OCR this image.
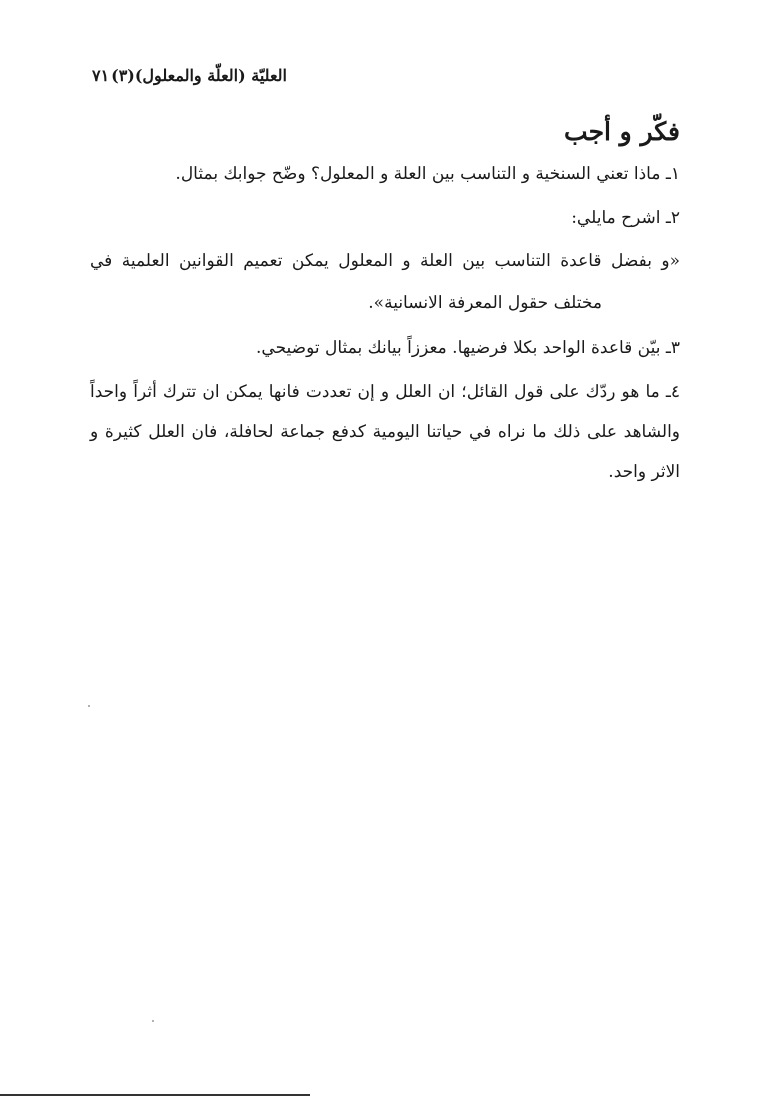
العليّة (العلّة والمعلول)(٣)
٧١
فكّر و أجب
١ـ ماذا تعني السنخية و التناسب بين العلة و المعلول؟ وضّح جوابك بمثال.
٢ـ اشرح مايلي:
«و بفضل قاعدة التناسب بين العلة و المعلول يمكن تعميم القوانين العلمية في
مختلف حقول المعرفة الانسانية».
٣ـ بيّن قاعدة الواحد بكلا فرضيها. معززاً بيانك بمثال توضيحي.
٤ـ ما هو ردّك على قول القائل؛ ان العلل و إن تعددت فانها يمكن ان تترك أثراً واحداً
والشاهد على ذلك ما نراه في حياتنا اليومية كدفع جماعة لحافلة، فان العلل كثيرة و
الاثر واحد.
